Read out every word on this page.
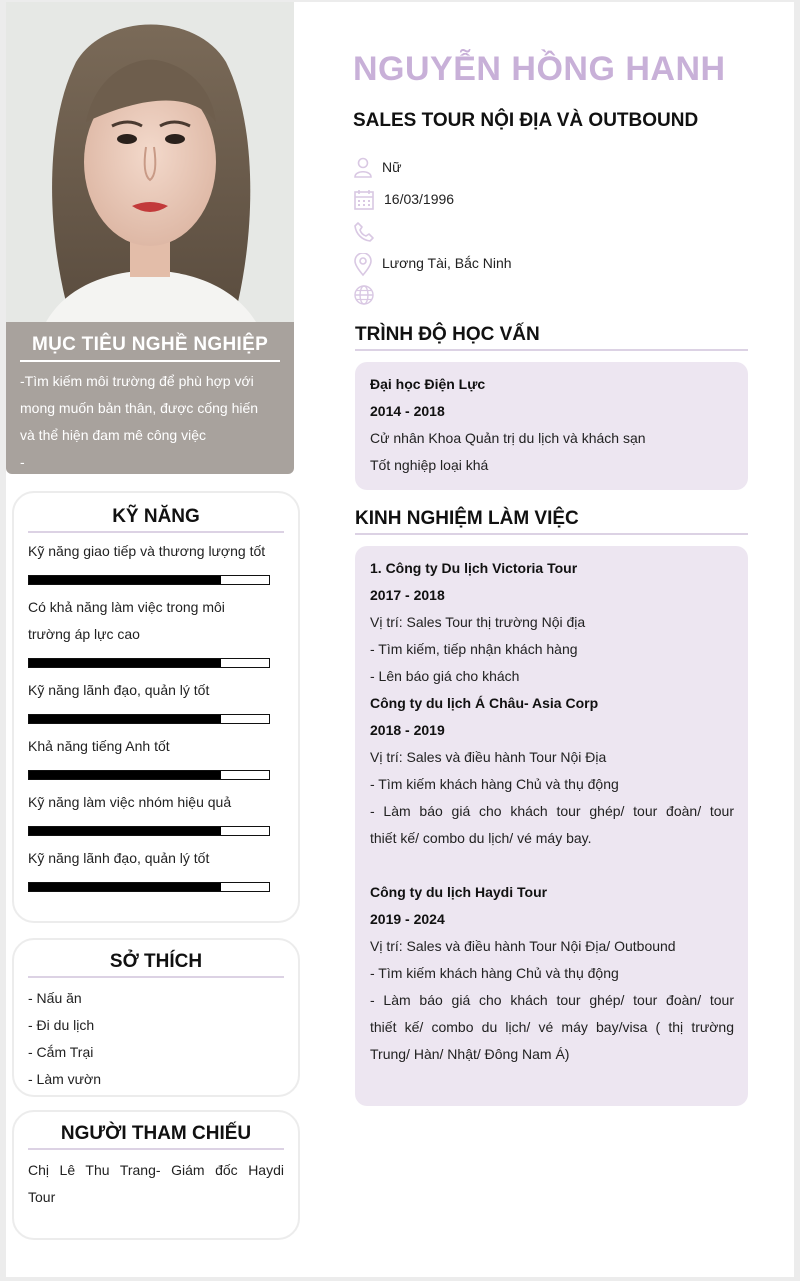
MỤC TIÊU NGHỀ NGHIỆP
-Tìm kiếm môi trường để phù hợp với
mong muốn bản thân, được cống hiến
và thể hiện đam mê công việc
-
KỸ NĂNG
Kỹ năng giao tiếp và thương lượng tốt
Có khả năng làm việc trong môi
trường áp lực cao
Kỹ năng lãnh đạo, quản lý tốt
Khả năng tiếng Anh tốt
Kỹ năng làm việc nhóm hiệu quả
Kỹ năng lãnh đạo, quản lý tốt
SỞ THÍCH
- Nấu ăn
- Đi du lịch
- Cắm Trại
- Làm vườn
NGƯỜI THAM CHIẾU
Chị Lê Thu Trang- Giám đốc Haydi
Tour
NGUYỄN HỒNG HANH
SALES TOUR NỘI ĐỊA VÀ OUTBOUND
Nữ
16/03/1996
Lương Tài, Bắc Ninh
TRÌNH ĐỘ HỌC VẤN
Đại học Điện Lực
2014 - 2018
Cử nhân Khoa Quản trị du lịch và khách sạn
Tốt nghiệp loại khá
KINH NGHIỆM LÀM VIỆC
1. Công ty Du lịch Victoria Tour
2017 - 2018
Vị trí: Sales Tour thị trường Nội địa
- Tìm kiếm, tiếp nhận khách hàng
- Lên báo giá cho khách
Công ty du lịch Á Châu- Asia Corp
2018 - 2019
Vị trí: Sales và điều hành Tour Nội Địa
- Tìm kiếm khách hàng Chủ và thụ động
- Làm báo giá cho khách tour ghép/ tour đoàn/ tour
thiết kế/ combo du lịch/ vé máy bay.
Công ty du lịch Haydi Tour
2019 - 2024
Vị trí: Sales và điều hành Tour Nội Địa/ Outbound
- Tìm kiếm khách hàng Chủ và thụ động
- Làm báo giá cho khách tour ghép/ tour đoàn/ tour
thiết kế/ combo du lịch/ vé máy bay/visa ( thị trường
Trung/ Hàn/ Nhật/ Đông Nam Á)
